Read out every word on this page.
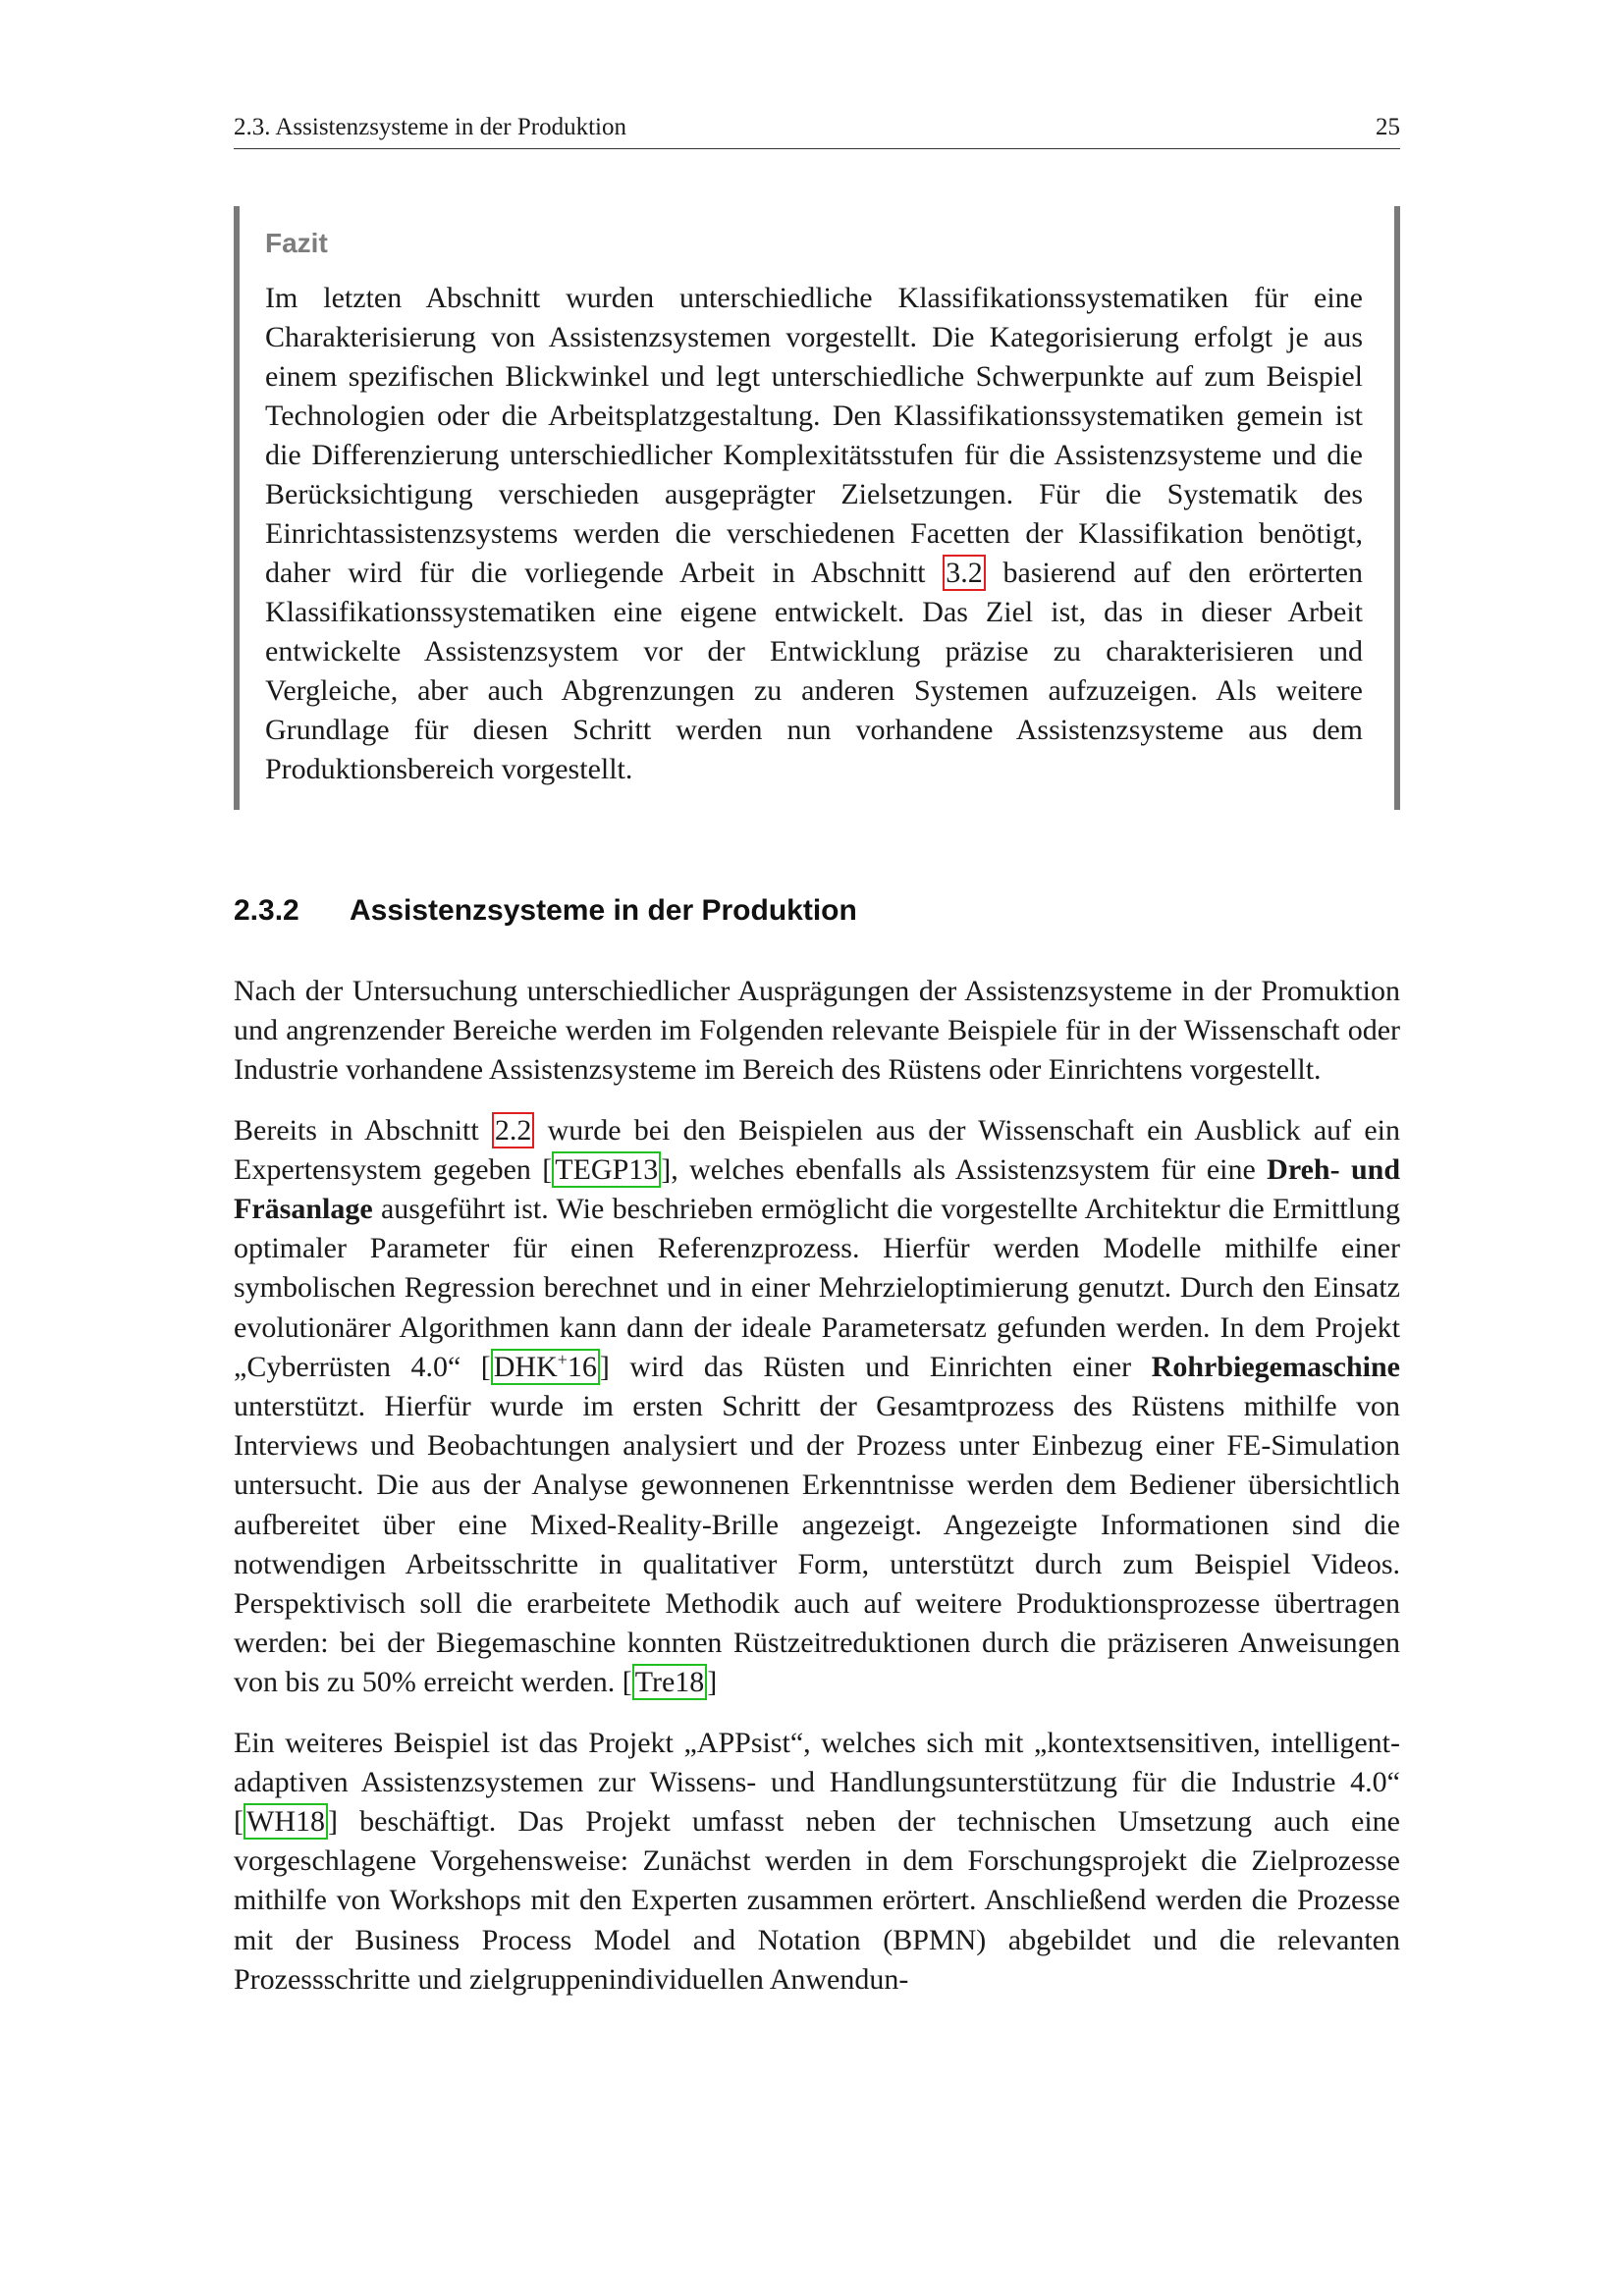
2.3. Assistenzsysteme in der Produktion	25
Fazit
Im letzten Abschnitt wurden unterschiedliche Klassifikationssystematiken für eine Charakterisierung von Assistenzsystemen vorgestellt. Die Kategorisierung erfolgt je aus einem spezifischen Blickwinkel und legt unterschiedliche Schwerpunkte auf zum Beispiel Technologien oder die Arbeitsplatzgestaltung. Den Klassifikationssystematiken gemein ist die Differenzierung unterschiedlicher Komplexitätsstufen für die Assistenzsysteme und die Berücksichtigung verschieden ausgeprägter Zielsetzungen. Für die Systematik des Einrichtassistenzsystems werden die verschiedenen Facetten der Klassifikation benötigt, daher wird für die vorliegende Arbeit in Abschnitt 3.2 basierend auf den erörterten Klassifikationssystematiken eine eigene entwickelt. Das Ziel ist, das in dieser Arbeit entwickelte Assistenzsystem vor der Entwicklung präzise zu charakterisieren und Vergleiche, aber auch Abgrenzungen zu anderen Systemen aufzuzeigen. Als weitere Grundlage für diesen Schritt werden nun vorhandene Assistenzsysteme aus dem Produktionsbereich vorgestellt.
2.3.2 Assistenzsysteme in der Produktion

Nach der Untersuchung unterschiedlicher Ausprägungen der Assistenzsysteme in der Promuktion und angrenzender Bereiche werden im Folgenden relevante Beispiele für in der Wissenschaft oder Industrie vorhandene Assistenzsysteme im Bereich des Rüstens oder Einrichtens vorgestellt.

Bereits in Abschnitt 2.2 wurde bei den Beispielen aus der Wissenschaft ein Ausblick auf ein Expertensystem gegeben [ TEGP13 ], welches ebenfalls als Assistenzsystem für eine Dreh- und Fräsanlage ausgeführt ist. Wie beschrieben ermöglicht die vorgestellte Architektur die Ermittlung optimaler Parameter für einen Referenzprozess. Hierfür werden Modelle mithilfe einer symbolischen Regression berechnet und in einer Mehrzieloptimierung genutzt. Durch den Einsatz evolutionärer Algorithmen kann dann der ideale Parametersatz gefunden werden. In dem Projekt „Cyberrüsten 4.0“ [ DHK+16 ] wird das Rüsten und Einrichten einer Rohrbiegemaschine unterstützt. Hierfür wurde im ersten Schritt der Gesamtprozess des Rüstens mithilfe von Interviews und Beobachtungen analysiert und der Prozess unter Einbezug einer FE-Simulation untersucht. Die aus der Analyse gewonnenen Erkenntnisse werden dem Bediener übersichtlich aufbereitet über eine Mixed-Reality-Brille angezeigt. Angezeigte Informationen sind die notwendigen Arbeitsschritte in qualitativer Form, unterstützt durch zum Beispiel Videos. Perspektivisch soll die erarbeitete Methodik auch auf weitere Produktionsprozesse übertragen werden: bei der Biegemaschine konnten Rüstzeitreduktionen durch die präziseren Anweisungen von bis zu 50% erreicht werden. [ Tre18 ]

Ein weiteres Beispiel ist das Projekt „APPsist“, welches sich mit „kontextsensitiven, intelligent-adaptiven Assistenzsystemen zur Wissens- und Handlungsunterstützung für die Industrie 4.0“ [ WH18 ] beschäftigt. Das Projekt umfasst neben der technischen Umsetzung auch eine vorgeschlagene Vorgehensweise: Zunächst werden in dem Forschungsprojekt die Zielprozesse mithilfe von Workshops mit den Experten zusammen erörtert. Anschließend werden die Prozesse mit der Business Process Model and Notation (BPMN) abgebildet und die relevanten Prozessschritte und zielgruppenindividuellen Anwendun-
